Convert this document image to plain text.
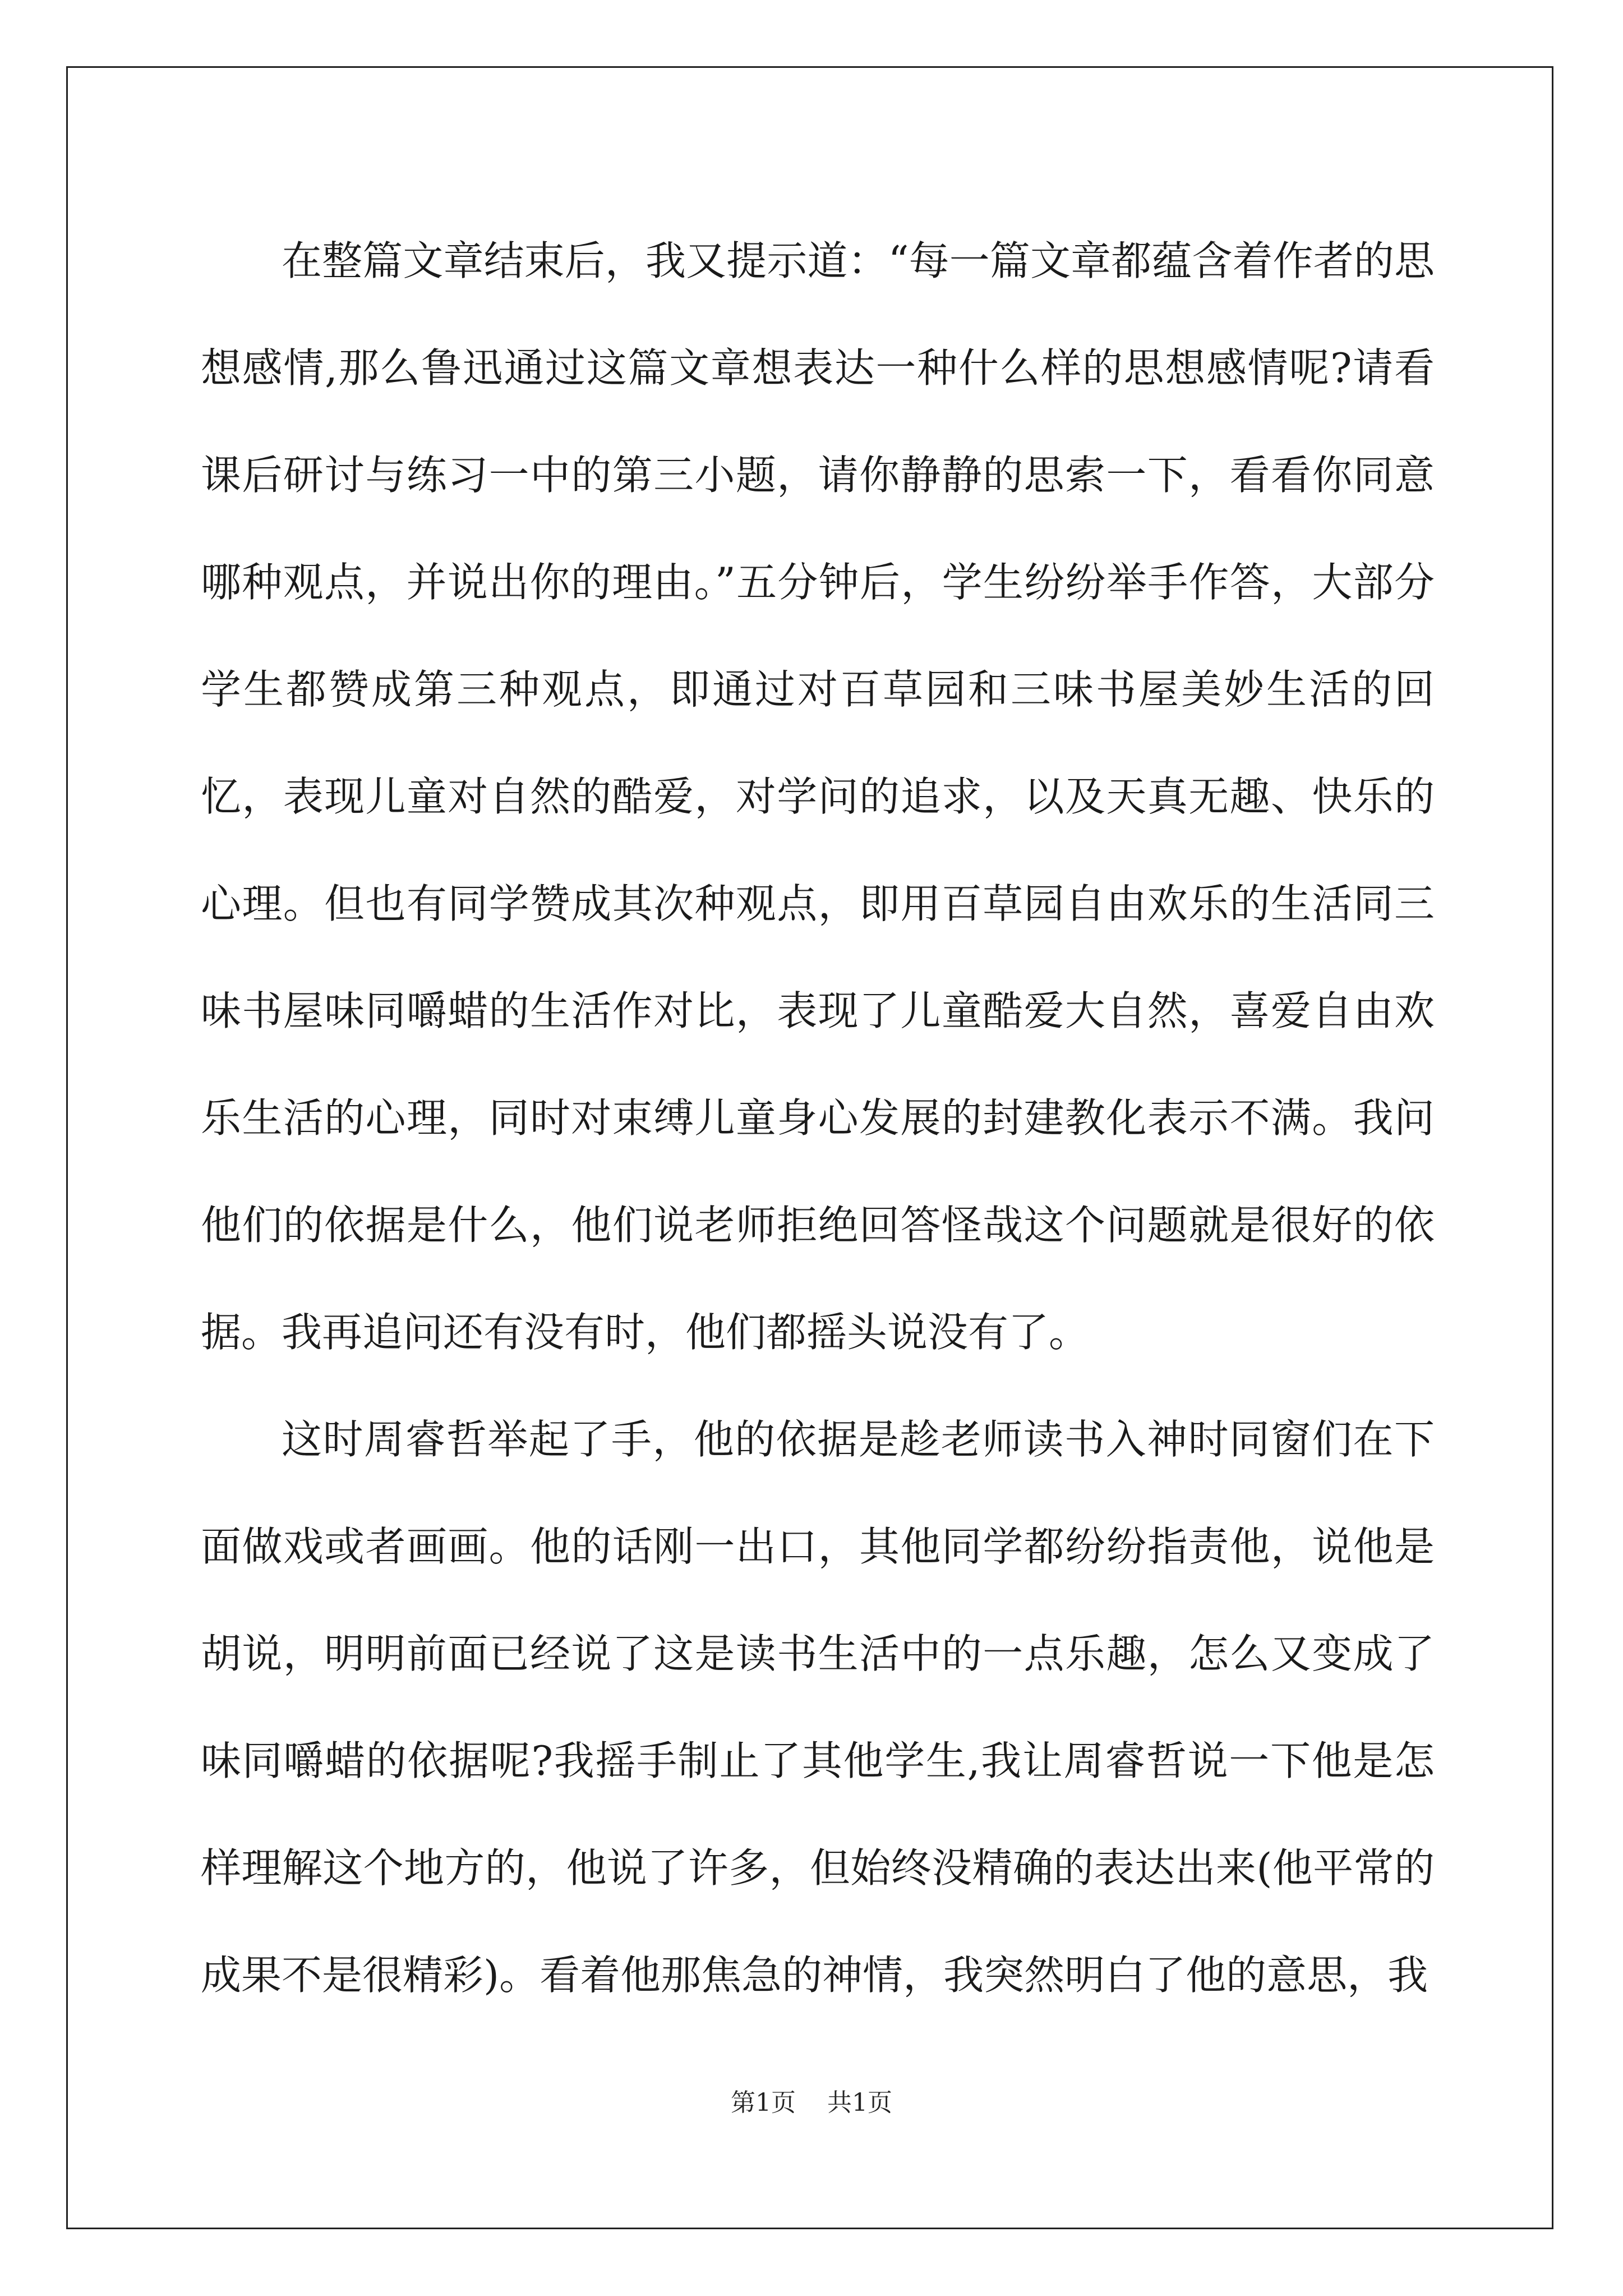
在整篇文章结束后，我又提示道：“每一篇文章都蕴含着作者的思想感情,那么鲁迅通过这篇文章想表达一种什么样的思想感情呢?请看课后研讨与练习一中的第三小题，请你静静的思索一下，看看你同意哪种观点，并说出你的理由。”五分钟后，学生纷纷举手作答，大部分学生都赞成第三种观点，即通过对百草园和三味书屋美妙生活的回忆，表现儿童对自然的酷爱，对学问的追求，以及天真无趣、快乐的心理。但也有同学赞成其次种观点，即用百草园自由欢乐的生活同三味书屋味同嚼蜡的生活作对比，表现了儿童酷爱大自然，喜爱自由欢乐生活的心理，同时对束缚儿童身心发展的封建教化表示不满。我问他们的依据是什么，他们说老师拒绝回答怪哉这个问题就是很好的依据。我再追问还有没有时，他们都摇头说没有了。

这时周睿哲举起了手，他的依据是趁老师读书入神时同窗们在下面做戏或者画画。他的话刚一出口，其他同学都纷纷指责他，说他是胡说，明明前面已经说了这是读书生活中的一点乐趣，怎么又变成了味同嚼蜡的依据呢?我摇手制止了其他学生,我让周睿哲说一下他是怎样理解这个地方的，他说了许多，但始终没精确的表达出来(他平常的成果不是很精彩)。看着他那焦急的神情，我突然明白了他的意思，我

第1页 共1页
